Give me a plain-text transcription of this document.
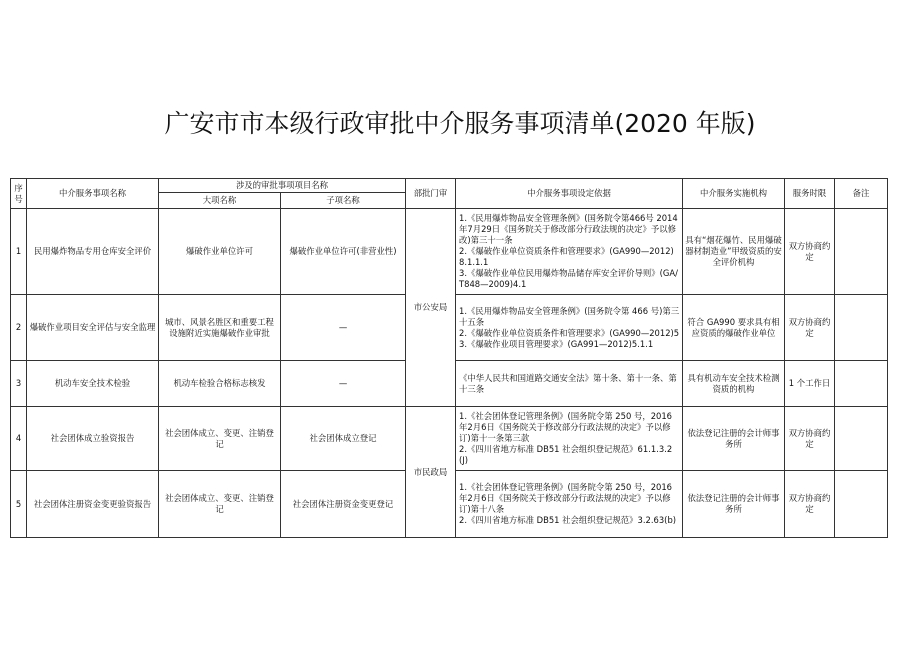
广安市市本级行政审批中介服务事项清单(2020 年版)
序号	中介服务事项名称	涉及的审批事项项目名称		部批门审	中介服务事项设定依据	中介服务实施机构	服务时限	备注
		大项名称	子项名称					
1	民用爆炸物品专用仓库安全评价	爆破作业单位许可	爆破作业单位许可(非营业性)	市公安局	1.《民用爆炸物品安全管理条例》(国务院令第466号 2014年7月29日《国务院关于修改部分行政法规的决定》予以修改)第三十一条
2.《爆破作业单位资质条件和管理要求》(GA990—2012)8.1.1.1
3.《爆破作业单位民用爆炸物品储存库安全评价导则》(GA/T848—2009)4.1	具有“烟花爆竹、民用爆破器材制造业”甲级资质的安全评价机构	双方协商约定	
2	爆破作业项目安全评估与安全监理	城市、风景名胜区和重要工程设施附近实施爆破作业审批	—		1.《民用爆炸物品安全管理条例》(国务院令第 466 号)第三十五条
2.《爆破作业单位资质条件和管理要求》(GA990—2012)5
3.《爆破作业项目管理要求》(GA991—2012)5.1.1	符合 GA990 要求具有相应资质的爆破作业单位	双方协商约定	
3	机动车安全技术检验	机动车检验合格标志核发	—		《中华人民共和国道路交通安全法》第十条、第十一条、第十三条	具有机动车安全技术检测资质的机构	1 个工作日	
4	社会团体成立验资报告	社会团体成立、变更、注销登记	社会团体成立登记	市民政局	1.《社会团体登记管理条例》(国务院令第 250 号，2016年2月6日《国务院关于修改部分行政法规的决定》予以修订)第十一条第三款
2.《四川省地方标准 DB51 社会组织登记规范》61.1.3.2(J)	依法登记注册的会计师事务所	双方协商约定	
5	社会团体注册资金变更验资报告	社会团体成立、变更、注销登记	社会团体注册资金变更登记		1.《社会团体登记管理条例》(国务院令第 250 号，2016年2月6日《国务院关于修改部分行政法规的决定》予以修订)第十八条
2.《四川省地方标准 DB51 社会组织登记规范》3.2.63(b)	依法登记注册的会计师事务所	双方协商约定	
